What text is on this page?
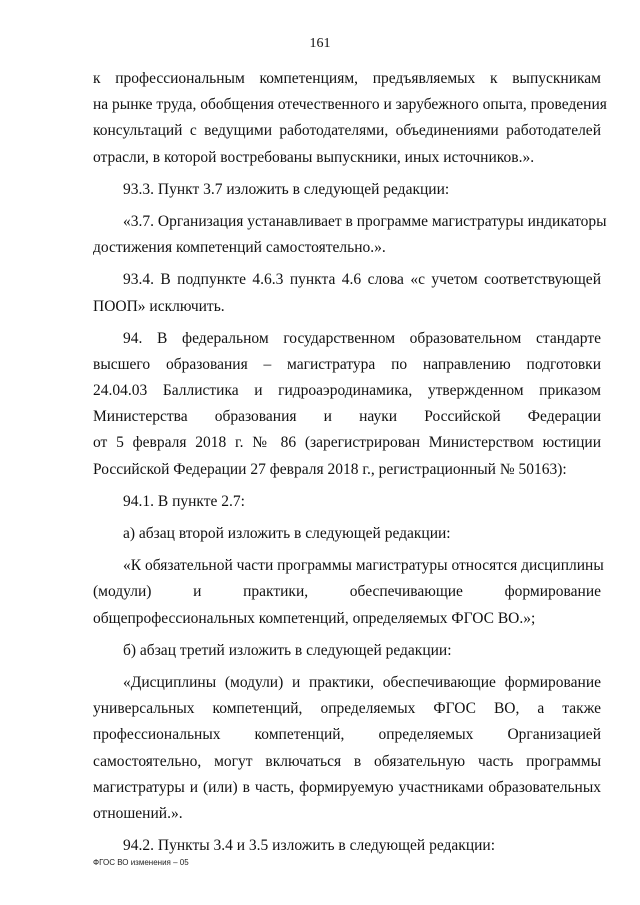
161
к профессиональным компетенциям, предъявляемых к выпускникам
на рынке труда, обобщения отечественного и зарубежного опыта, проведения
консультаций с ведущими работодателями, объединениями работодателей
отрасли, в которой востребованы выпускники, иных источников.».
93.3. Пункт 3.7 изложить в следующей редакции:
«3.7. Организация устанавливает в программе магистратуры индикаторы
достижения компетенций самостоятельно.».
93.4. В подпункте 4.6.3 пункта 4.6 слова «с учетом соответствующей
ПООП» исключить.
94. В федеральном государственном образовательном стандарте
высшего образования – магистратура по направлению подготовки
24.04.03 Баллистика и гидроаэродинамика, утвержденном приказом
Министерства образования и науки Российской Федерации
от 5 февраля 2018 г. № 86 (зарегистрирован Министерством юстиции
Российской Федерации 27 февраля 2018 г., регистрационный № 50163):
94.1. В пункте 2.7:
а) абзац второй изложить в следующей редакции:
«К обязательной части программы магистратуры относятся дисциплины
(модули) и практики, обеспечивающие формирование
общепрофессиональных компетенций, определяемых ФГОС ВО.»;
б) абзац третий изложить в следующей редакции:
«Дисциплины (модули) и практики, обеспечивающие формирование
универсальных компетенций, определяемых ФГОС ВО, а также
профессиональных компетенций, определяемых Организацией
самостоятельно, могут включаться в обязательную часть программы
магистратуры и (или) в часть, формируемую участниками образовательных
отношений.».
94.2. Пункты 3.4 и 3.5 изложить в следующей редакции:
ФГОС ВО изменения – 05
